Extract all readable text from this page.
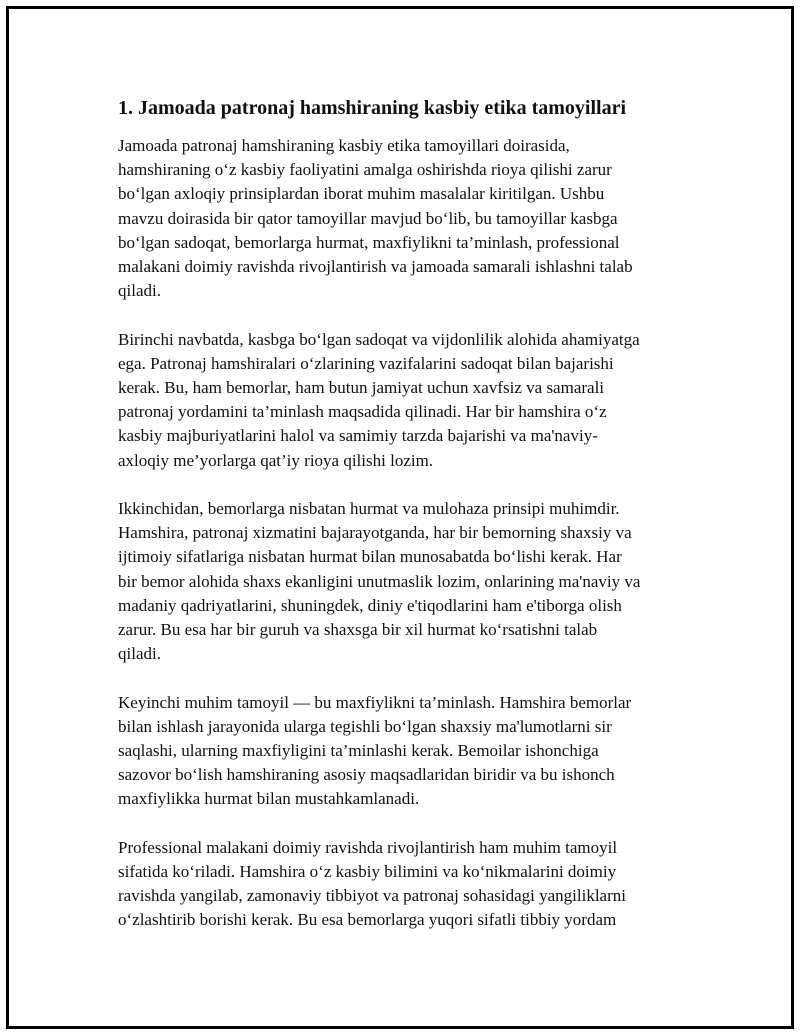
1. Jamoada patronaj hamshiraning kasbiy etika tamoyillari

Jamoada patronaj hamshiraning kasbiy etika tamoyillari doirasida,
hamshiraning o‘z kasbiy faoliyatini amalga oshirishda rioya qilishi zarur
bo‘lgan axloqiy prinsiplardan iborat muhim masalalar kiritilgan. Ushbu
mavzu doirasida bir qator tamoyillar mavjud bo‘lib, bu tamoyillar kasbga
bo‘lgan sadoqat, bemorlarga hurmat, maxfiylikni ta’minlash, professional
malakani doimiy ravishda rivojlantirish va jamoada samarali ishlashni talab
qiladi.

Birinchi navbatda, kasbga bo‘lgan sadoqat va vijdonlilik alohida ahamiyatga
ega. Patronaj hamshiralari o‘zlarining vazifalarini sadoqat bilan bajarishi
kerak. Bu, ham bemorlar, ham butun jamiyat uchun xavfsiz va samarali
patronaj yordamini ta’minlash maqsadida qilinadi. Har bir hamshira o‘z
kasbiy majburiyatlarini halol va samimiy tarzda bajarishi va ma'naviy-
axloqiy me’yorlarga qat’iy rioya qilishi lozim.

Ikkinchidan, bemorlarga nisbatan hurmat va mulohaza prinsipi muhimdir.
Hamshira, patronaj xizmatini bajarayotganda, har bir bemorning shaxsiy va
ijtimoiy sifatlariga nisbatan hurmat bilan munosabatda bo‘lishi kerak. Har
bir bemor alohida shaxs ekanligini unutmaslik lozim, onlarining ma'naviy va
madaniy qadriyatlarini, shuningdek, diniy e'tiqodlarini ham e'tiborga olish
zarur. Bu esa har bir guruh va shaxsga bir xil hurmat ko‘rsatishni talab
qiladi.

Keyinchi muhim tamoyil — bu maxfiylikni ta’minlash. Hamshira bemorlar
bilan ishlash jarayonida ularga tegishli bo‘lgan shaxsiy ma'lumotlarni sir
saqlashi, ularning maxfiyligini ta’minlashi kerak. Bemoilar ishonchiga
sazovor bo‘lish hamshiraning asosiy maqsadlaridan biridir va bu ishonch
maxfiylikka hurmat bilan mustahkamlanadi.

Professional malakani doimiy ravishda rivojlantirish ham muhim tamoyil
sifatida ko‘riladi. Hamshira o‘z kasbiy bilimini va ko‘nikmalarini doimiy
ravishda yangilab, zamonaviy tibbiyot va patronaj sohasidagi yangiliklarni
o‘zlashtirib borishi kerak. Bu esa bemorlarga yuqori sifatli tibbiy yordam
